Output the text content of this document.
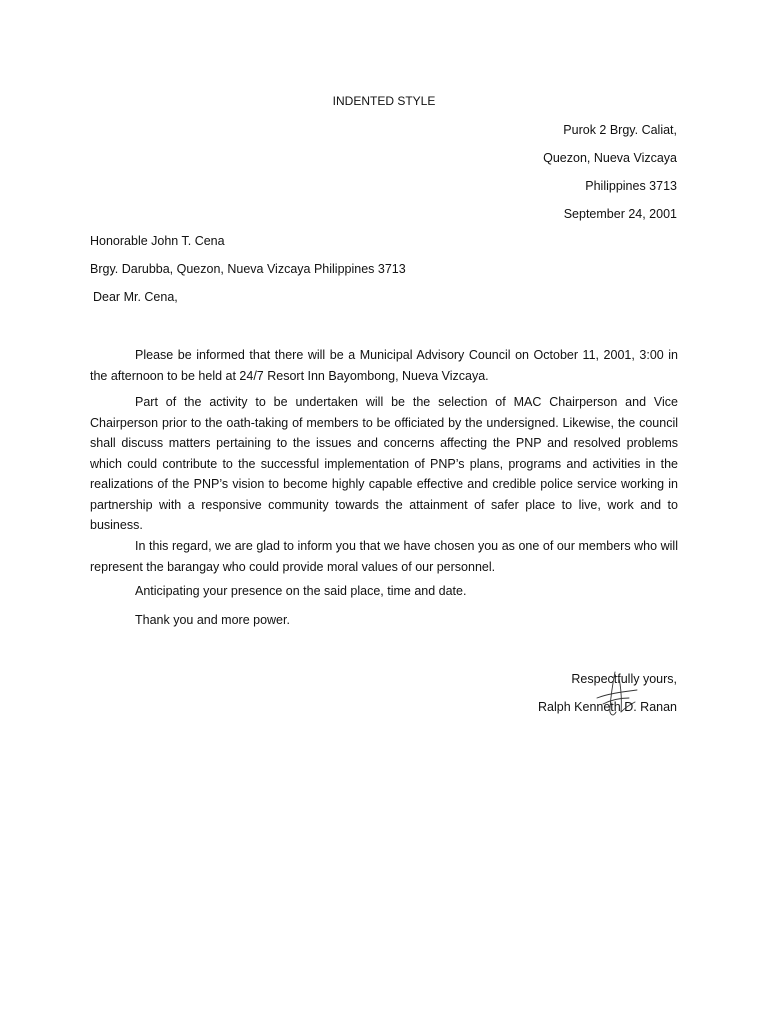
INDENTED STYLE
Purok 2 Brgy. Caliat,
Quezon, Nueva Vizcaya
Philippines 3713
September 24, 2001
Honorable John T. Cena
Brgy. Darubba, Quezon, Nueva Vizcaya Philippines 3713
Dear Mr. Cena,

Please be informed that there will be a Municipal Advisory Council on October 11, 2001, 3:00 in the afternoon to be held at 24/7 Resort Inn Bayombong, Nueva Vizcaya.

Part of the activity to be undertaken will be the selection of MAC Chairperson and Vice Chairperson prior to the oath-taking of members to be officiated by the undersigned. Likewise, the council shall discuss matters pertaining to the issues and concerns affecting the PNP and resolved problems which could contribute to the successful implementation of PNP’s plans, programs and activities in the realizations of the PNP’s vision to become highly capable effective and credible police service working in partnership with a responsive community towards the attainment of safer place to live, work and to business.

In this regard, we are glad to inform you that we have chosen you as one of our members who will represent the barangay who could provide moral values of our personnel.

Anticipating your presence on the said place, time and date.
Thank you and more power.
Respectfully yours,
Ralph Kenneth D. Ranan
